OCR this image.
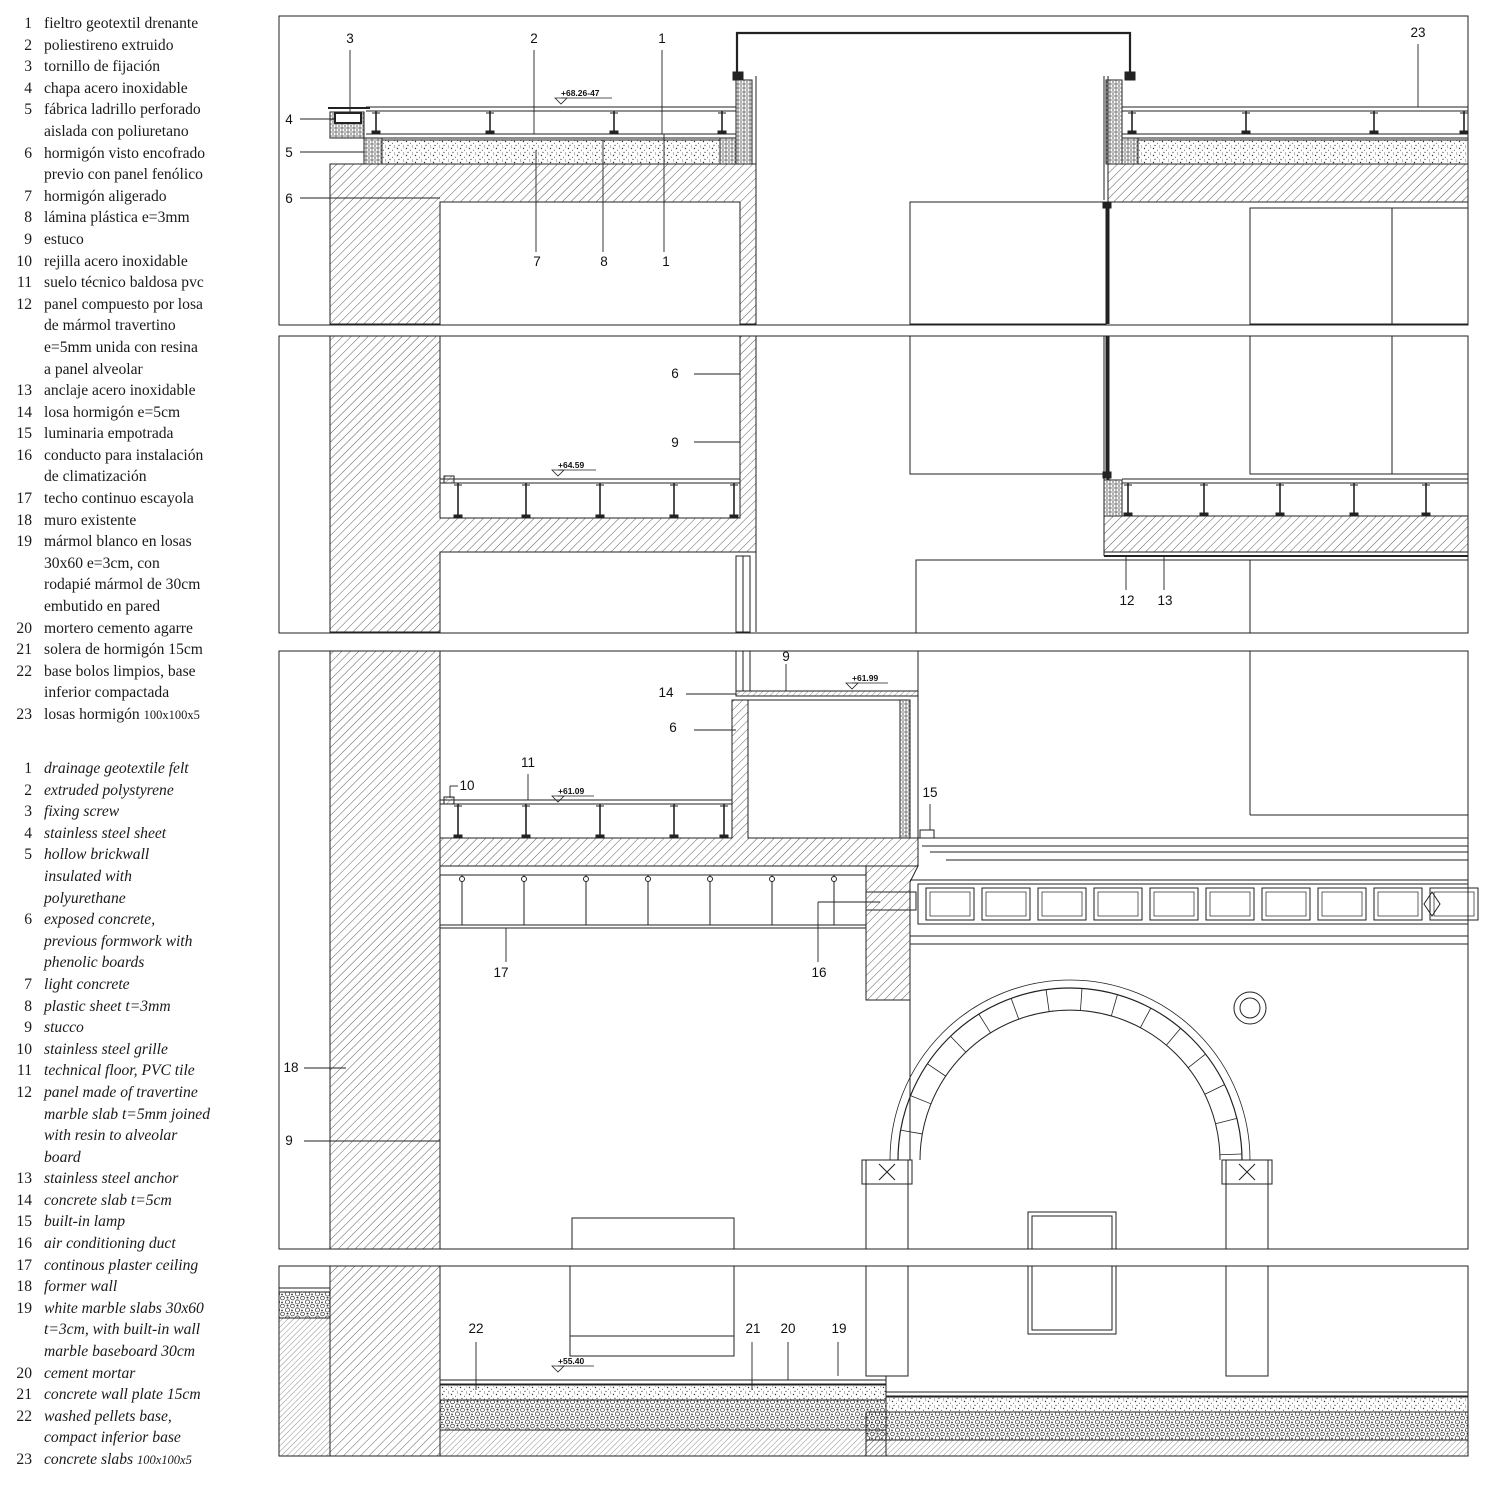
+68.26-47
+64.59
+61.99
+61.09
+55.40
3	2	1	23
4
5
6
7	8	1
6
9
12 13
9
14
6
10
11
15
17	16
18
9
22	21 20	19
1 fieltro geotextil drenante
2 poliestireno extruido
3 tornillo de fijación
4 chapa acero inoxidable
5 fábrica ladrillo perforado
aislada con poliuretano
6 hormigón visto encofrado
previo con panel fenólico
7 hormigón aligerado
8 lámina plástica e=3mm
9 estuco
10 rejilla acero inoxidable
11 suelo técnico baldosa pvc
12 panel compuesto por losa
de mármol travertino
e=5mm unida con resina
a panel alveolar
13 anclaje acero inoxidable
14 losa hormigón e=5cm
15 luminaria empotrada
16 conducto para instalación
de climatización
17 techo continuo escayola
18 muro existente
19 mármol blanco en losas
30x60 e=3cm, con
rodapié mármol de 30cm
embutido en pared
20 mortero cemento agarre
21 solera de hormigón 15cm
22 base bolos limpios, base
inferior compactada
23 losas hormigón 100x100x5
1 drainage geotextile felt
2 extruded polystyrene
3 fixing screw
4 stainless steel sheet
5 hollow brickwall
insulated with
polyurethane
6 exposed concrete,
previous formwork with
phenolic boards
7 light concrete
8 plastic sheet t=3mm
9 stucco
10 stainless steel grille
11 technical floor, PVC tile
12 panel made of travertine
marble slab t=5mm joined
with resin to alveolar
board
13 stainless steel anchor
14 concrete slab t=5cm
15 built-in lamp
16 air conditioning duct
17 continous plaster ceiling
18 former wall
19 white marble slabs 30x60
t=3cm, with built-in wall
marble baseboard 30cm
20 cement mortar
21 concrete wall plate 15cm
22 washed pellets base,
compact inferior base
23 concrete slabs 100x100x5
